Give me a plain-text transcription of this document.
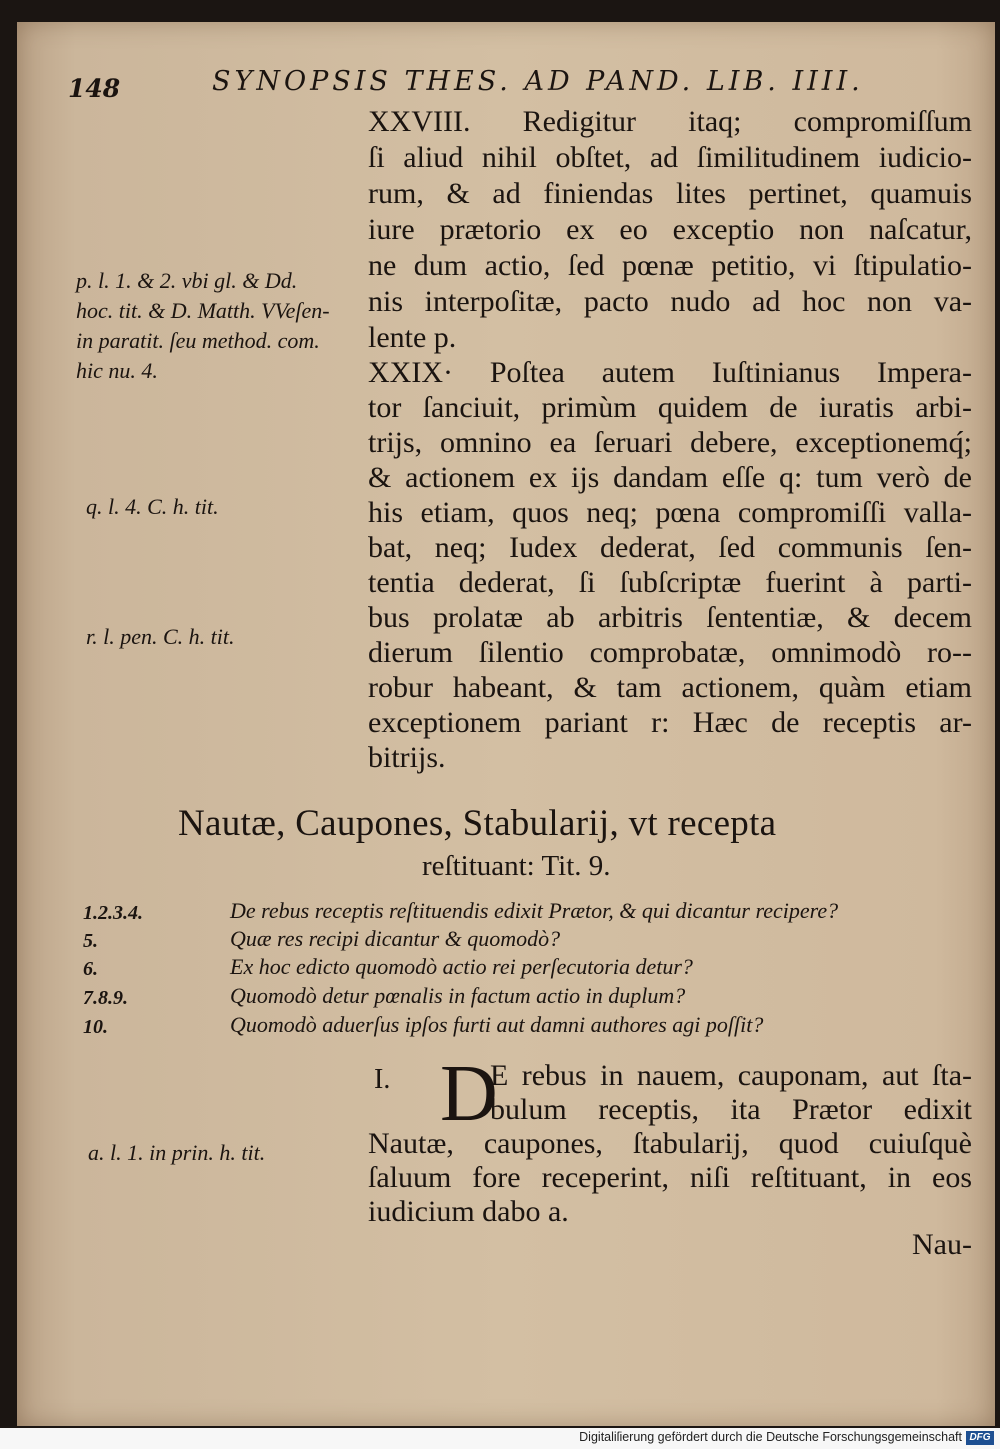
148	SYNOPSIS THES. AD PAND. LIB. IIII.
XXVIII. Redigitur itaq; compromiſſum
ſi aliud nihil obſtet, ad ſimilitudinem iudicio-
rum, & ad finiendas lites pertinet, quamuis
iure prætorio ex eo exceptio non naſcatur,
ne dum actio, ſed pœnæ petitio, vi ſtipulatio-
nis interpoſitæ, pacto nudo ad hoc non va-
lente p.
XXIX· Poſtea autem Iuſtinianus Impera-
tor ſanciuit, primùm quidem de iuratis arbi-
trijs, omnino ea ſeruari debere, exceptionemq́;
& actionem ex ijs dandam eſſe q: tum verò de
his etiam, quos neq; pœna compromiſſi valla-
bat, neq; Iudex dederat, ſed communis ſen-
tentia dederat, ſi ſubſcriptæ fuerint à parti-
bus prolatæ ab arbitris ſententiæ, & decem
dierum ſilentio comprobatæ, omnimodò ro--
robur habeant, & tam actionem, quàm etiam
exceptionem pariant r: Hæc de receptis ar-
bitrijs.
p. l. 1. & 2. vbi gl. & Dd.
hoc. tit. & D. Matth. VVeſen-
in paratit. ſeu method. com.
hic nu. 4.
q. l. 4. C. h. tit.
r. l. pen. C. h. tit.
a. l. 1. in prin. h. tit.
Nautæ, Caupones, Stabularij, vt recepta
reſtituant: Tit. 9.
1.2.3.4.	De rebus receptis reſtituendis edixit Prætor, & qui dicantur recipere?
5.	Quæ res recipi dicantur & quomodò?
6.	Ex hoc edicto quomodò actio rei perſecutoria detur?
7.8.9.	Quomodò detur pœnalis in factum actio in duplum?
10.	Quomodò aduerſus ipſos furti aut damni authores agi poſſit?
I. D
E rebus in nauem, cauponam, aut ſta-
bulum receptis, ita Prætor edixit
Nautæ, caupones, ſtabularij, quod cuiuſquè
ſaluum fore receperint, niſi reſtituant, in eos
iudicium dabo a.
Nau-
Digitaliſierung gefördert durch die Deutsche Forschungsgemeinschaft DFG
